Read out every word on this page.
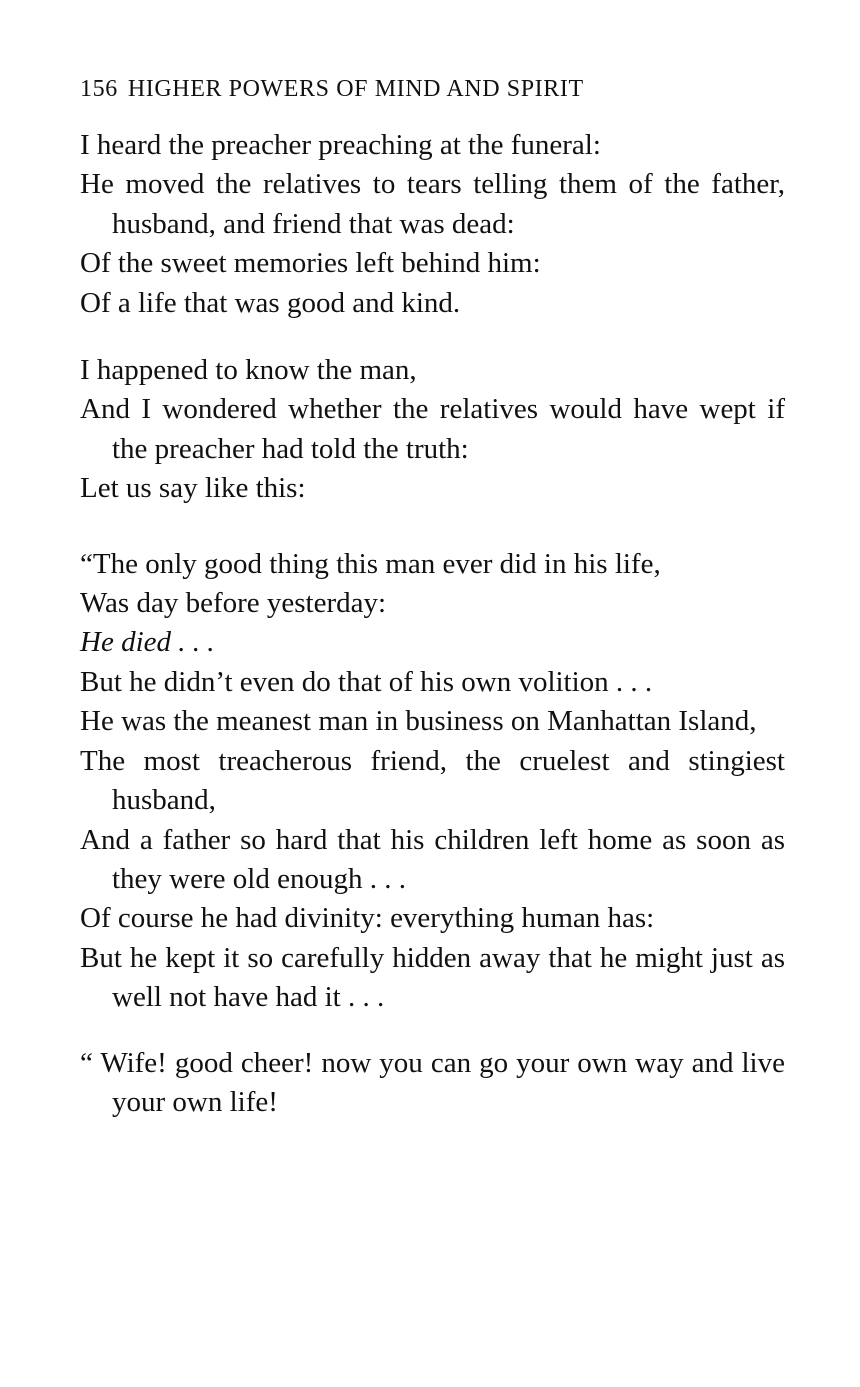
156 HIGHER POWERS OF MIND AND SPIRIT
I heard the preacher preaching at the funeral:
He moved the relatives to tears telling them of the father, husband, and friend that was dead:
Of the sweet memories left behind him:
Of a life that was good and kind.
I happened to know the man,
And I wondered whether the relatives would have wept if the preacher had told the truth:
Let us say like this:
“The only good thing this man ever did in his life,
Was day before yesterday:
He died . . .
But he didn’t even do that of his own volition . . .
He was the meanest man in business on Manhattan Island,
The most treacherous friend, the cruelest and stingiest husband,
And a father so hard that his children left home as soon as they were old enough . . .
Of course he had divinity: everything human has:
But he kept it so carefully hidden away that he might just as well not have had it . . .
“ Wife! good cheer! now you can go your own way and live your own life!
